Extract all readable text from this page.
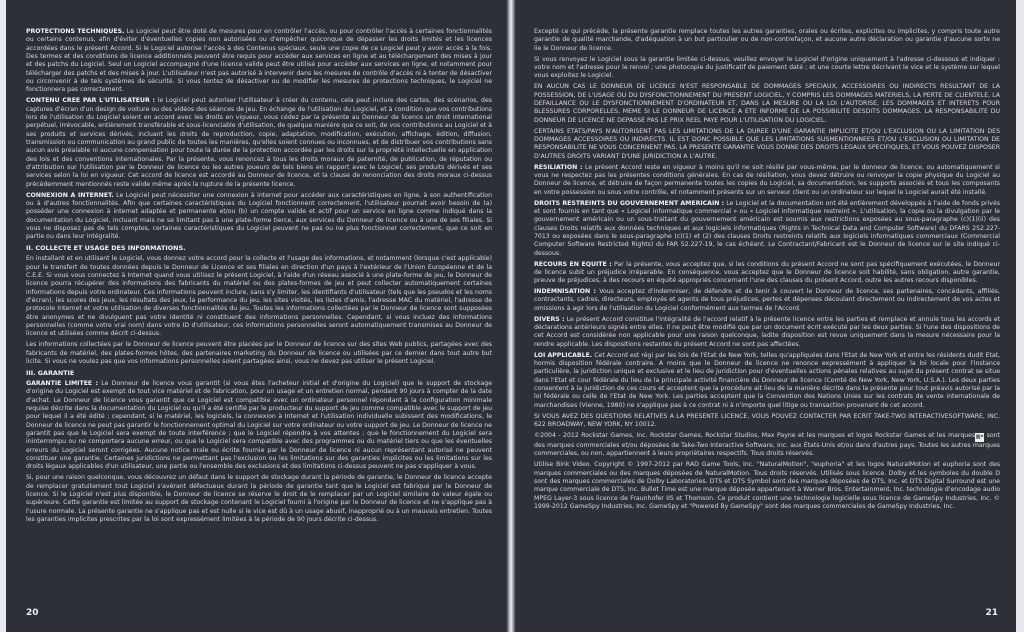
PROTECTIONS TECHNIQUES. Le Logiciel peut être doté de mesures pour en contrôler l'accès, ou pour contrôler l'accès à certaines fonctionnalités ou certains contenus, afin d'éviter d'éventuelles copies non autorisées ou d'empêcher quiconque de dépasser les droits limités et les licences accordées dans le présent Accord. Si le Logiciel autorise l'accès à des Contenus spéciaux, seule une copie de ce Logiciel peut y avoir accès à la fois. Des termes et des conditions de licence additionnels peuvent être requis pour accéder aux services en ligne et au téléchargement des mises à jour et des patchs du Logiciel. Seul un Logiciel accompagné d'une licence valide peut être utilisé pour accéder aux services en ligne, et notamment pour télécharger des patchs et des mises à jour. L'utilisateur n'est pas autorisé à intervenir dans les mesures de contrôle d'accès ni à tenter de désactiver ou circonvenir à de tels systèmes de sécurité. Si vous tentez de désactiver ou de modifier les mesures de protections techniques, le Logiciel ne fonctionnera pas correctement.

CONTENU CREE PAR L'UTILISATEUR : le Logiciel peut autoriser l'utilisateur à créer du contenu, cela peut inclure des cartes, des scénarios, des captures d'écran d'un design de voiture ou des vidéos des séances de jeu. En échange de l'utilisation du Logiciel, et à condition que vos contributions lors de l'utilisation du Logiciel soient en accord avec les droits en vigueur, vous cédez par la présente au Donneur de licence un droit international perpétuel, irrévocable, entièrement transférable et sous-licenciable d'utilisation, de quelque manière que ce soit, de vos contributions au Logiciel et à ses produits et services dérivés, incluant les droits de reproduction, copie, adaptation, modification, exécution, affichage, édition, diffusion, transmission ou communication au grand public de toutes les manières, qu'elles soient connues ou inconnues, et de distribuer vos contributions sans aucun avis préalable ni aucune compensation pour toute la durée de la protection accordée par les droits sur la propriété intellectuelle en application des lois et des conventions internationales. Par la présente, vous renoncez à tous les droits moraux de paternité, de publication, de réputation ou d'attribution sur l'utilisation par le Donneur de licence ou les autres joueurs de tels biens en rapport avec le Logiciel, ses produits dérivés et ses services selon la loi en vigueur. Cet accord de licence est accordé au Donneur de licence, et la clause de renonciation des droits moraux ci-dessus précédemment mentionnés reste valide même après la rupture de la présente licence.

CONNEXION A INTERNET. Le Logiciel peut nécessiter une connexion à internet pour accéder aux caractéristiques en ligne, à son authentification ou à d'autres fonctionnalités. Afin que certaines caractéristiques du Logiciel fonctionnent correctement, l'utilisateur pourrait avoir besoin de (a) posséder une connexion à internet adaptée et permanente et/ou (b) un compte valide et actif pour un service en ligne comme indiqué dans la documentation du Logiciel, incluant mais ne se limitant pas à une plate-forme tierce, aux services du Donneur de licence ou à une de ses filiales. Si vous ne disposez pas de tels comptes, certaines caractéristiques du Logiciel peuvent ne pas ou ne plus fonctionner correctement, que ce soit en partie ou dans leur intégralité.

II. COLLECTE ET USAGE DES INFORMATIONS.

En installant et en utilisant le Logiciel, vous donnez votre accord pour la collecte et l'usage des informations, et notamment (lorsque c'est applicable) pour le transfert de toutes données depuis le Donneur de Licence et ses filiales en direction d'un pays à l'extérieur de l'Union Européenne et de la C.E.E. Si vous vous connectez à Internet quand vous utilisez le présent Logiciel, à l'aide d'un réseau associé à une plate-forme de jeu, le Donneur de licence pourra récupérer des informations des fabricants du matériel ou des plates-formes de jeu et peut collecter automatiquement certaines informations depuis votre ordinateur. Ces informations peuvent inclure, sans s'y limiter, les identifiants d'utilisateur (tels que les pseudos et les noms d'écran), les scores des jeux, les résultats des jeux, la performance du jeu, les sites visités, les listes d'amis, l'adresse MAC du matériel, l'adresse de protocole Internet et votre utilisation de diverses fonctionnalités du jeu. Toutes les informations collectées par le Donneur de licence sont supposées être anonymes et ne divulguent pas votre identité ni constituent des informations personnelles. Cependant, si vous incluez des informations personnelles (comme votre vrai nom) dans votre ID d'utilisateur, ces informations personnelles seront automatiquement transmises au Donneur de licence et utilisées comme décrit ci-dessus.

Les informations collectées par le Donneur de licence peuvent être placées par le Donneur de licence sur des sites Web publics, partagées avec des fabricants de matériel, des plates-formes hôtes, des partenaires marketing du Donneur de licence ou utilisées par ce dernier dans tout autre but licite. Si vous ne voulez pas que vos informations personnelles soient partagées ainsi, vous ne devez pas utiliser le présent Logiciel.

III. GARANTIE

GARANTIE LIMITEE : Le Donneur de licence vous garantit (si vous êtes l'acheteur initial et d'origine du Logiciel) que le support de stockage d'origine du Logiciel est exempt de tout vice matériel et de fabrication, pour un usage et un entretien normal, pendant 90 jours à compter de la date d'achat. Le Donneur de licence vous garantit que ce Logiciel est compatible avec un ordinateur personnel répondant à la configuration minimale requise décrite dans la documentation du Logiciel ou qu'il a été certifié par le producteur du support de jeu comme compatible avec le support de jeu pour lequel il a été édité ; cependant, si le matériel, les logiciels, la connexion à Internet et l'utilisation individuelle subissent des modifications, le Donneur de licence ne peut pas garantir le fonctionnement optimal du Logiciel sur votre ordinateur ou votre support de jeu. Le Donneur de licence ne garantit pas que le Logiciel sera exempt de toute interférence ; que le Logiciel répondra à vos attentes ; que le fonctionnement du Logiciel sera ininterrompu ou ne comportera aucune erreur, ou que le Logiciel sera compatible avec des programmes ou du matériel tiers ou que les éventuelles erreurs du Logiciel seront corrigées. Aucune notice orale ou écrite fournie par le Donneur de licence ni aucun représentant autorisé ne peuvent constituer une garantie. Certaines juridictions ne permettant pas l'exclusion ou les limitations sur des garanties implicites ou les limitations sur les droits légaux applicables d'un utilisateur, une partie ou l'ensemble des exclusions et des limitations ci-dessus peuvent ne pas s'appliquer à vous.

Si, pour une raison quelconque, vous découvrez un défaut dans le support de stockage durant la période de garantie, le Donneur de licence accepte de remplacer gratuitement tout Logiciel s'avérant défectueux durant la période de garantie tant que le Logiciel est fabriqué par le Donneur de licence. Si le Logiciel n'est plus disponible, le Donneur de licence se réserve le droit de le remplacer par un Logiciel similaire de valeur égale ou supérieure. Cette garantie est limitée au support de stockage contenant le Logiciel fourni à l'origine par le Donneur de licence et ne s'applique pas à l'usure normale. La présente garantie ne s'applique pas et est nulle si le vice est dû à un usage abusif, inapproprié ou à un mauvais entretien. Toutes les garanties implicites prescrites par la loi sont expressément limitées à la période de 90 jours décrite ci-dessus.

20

Excepté ce qui précède, la présente garantie remplace toutes les autres garanties, orales ou écrites, explicites ou implicites, y compris toute autre garantie de qualité marchande, d'adéquation à un but particulier ou de non-contrefaçon, et aucune autre déclaration ou garantie d'aucune sorte ne lie le Donneur de licence.

Si vous renvoyez le Logiciel sous la garantie limitée ci-dessus, veuillez envoyer le Logiciel d'origine uniquement à l'adresse ci-dessous et indiquer : votre nom et l'adresse pour le renvoi ; une photocopie du justificatif de paiement daté ; et une courte lettre décrivant le vice et le système sur lequel vous exploitez le Logiciel.

EN AUCUN CAS LE DONNEUR DE LICENCE N'EST RESPONSABLE DE DOMMAGES SPECIAUX, ACCESSOIRES OU INDIRECTS RESULTANT DE LA POSSESSION, DE L'USAGE OU DU DYSFONCTIONNEMENT DU PRESENT LOGICIEL, Y COMPRIS LES DOMMAGES MATERIELS, LA PERTE DE CLIENTELE, LA DEFAILLANCE OU LE DYSFONCTIONNEMENT D'ORDINATEUR ET, DANS LA MESURE OU LA LOI L'AUTORISE, LES DOMMAGES ET INTERETS POUR BLESSURES CORPORELLES, MEME SI LE DONNEUR DE LICENCE A ETE INFORME DE LA POSSIBILITE DESDITS DOMMAGES. LA RESPONSABILITE DU DONNEUR DE LICENCE NE DEPASSE PAS LE PRIX REEL PAYE POUR L'UTILISATION DU LOGICIEL.

CERTAINS ETATS/PAYS N'AUTORISENT PAS LES LIMITATIONS DE LA DUREE D'UNE GARANTIE IMPLICITE ET/OU L'EXCLUSION OU LA LIMITATION DES DOMMAGES ACCESSOIRES OU INDIRECTS. IL EST DONC POSSIBLE QUE LES LIMITATIONS SUSMENTIONNEES ET/OU L'EXCLUSION OU LIMITATION DE RESPONSABILITE NE VOUS CONCERNENT PAS. LA PRESENTE GARANTIE VOUS DONNE DES DROITS LEGAUX SPECIFIQUES, ET VOUS POUVEZ DISPOSER D'AUTRES DROITS VARIANT D'UNE JURIDICTION A L'AUTRE.

RESILIATION : Le présent Accord reste en vigueur à moins qu'il ne soit résilié par vous-même, par le donneur de licence, ou automatiquement si vous ne respectez pas les présentes conditions générales. En cas de résiliation, vous devez détruire ou renvoyer la copie physique du Logiciel au Donneur de licence, et détruire de façon permanente toutes les copies du Logiciel, sa documentation, les supports associés et tous les composants en votre possession ou sous votre contrôle, et notamment présents sur un serveur client ou un ordinateur sur lequel le Logiciel aurait été installé.

DROITS RESTREINTS DU GOUVERNEMENT AMERICAIN : Le Logiciel et la documentation ont été entièrement développés à l'aide de fonds privés et sont fournis en tant que « Logiciel informatique commercial » ou « Logiciel informatique restreint ». L'utilisation, la copie ou la divulgation par le gouvernement américain ou un sous-traitant du gouvernement américain est soumis aux restrictions exposées au sous-paragraphe (c)(1)(ii) des clauses Droits relatifs aux données techniques et aux logiciels informatiques (Rights in Technical Data and Computer Software) du DFARS 252.227-7013 ou exposées dans le sous-paragraphe (c)(1) et (2) des clauses Droits restreints relatifs aux logiciels informatiques commerciaux (Commercial Computer Software Restricted Rights) du FAR 52.227-19, le cas échéant. Le Contractant/Fabricant est le Donneur de licence sur le site indiqué ci-dessous.

RECOURS EN EQUITE : Par la présente, vous acceptez que, si les conditions du présent Accord ne sont pas spécifiquement exécutées, le Donneur de licence subit un préjudice irréparable. En conséquence, vous acceptez que le Donneur de licence soit habilité, sans obligation, autre garantie, preuve de préjudices, à des recours en équité appropriés concernant l'une des clauses du présent Accord, outre les autres recours disponibles.

INDEMNISATION : Vous acceptez d'indemniser, de défendre et de tenir à couvert le Donneur de licence, ses partenaires, concédants, affiliés, contractants, cadres, directeurs, employés et agents de tous préjudices, pertes et dépenses découlant directement ou indirectement de vos actes et omissions à agir lors de l'utilisation du Logiciel conformément aux termes de l'Accord.

DIVERS : Le présent Accord constitue l'intégralité de l'accord relatif à la présente licence entre les parties et remplace et annule tous les accords et déclarations antérieurs signés entre elles. Il ne peut être modifié que par un document écrit exécuté par les deux parties. Si l'une des dispositions de cet Accord est considérée non applicable pour une raison quelconque, ladite disposition est revue uniquement dans la mesure nécessaire pour la rendre applicable. Les dispositions restantes du présent Accord ne sont pas affectées.

LOI APPLICABLE. Cet Accord est régi par les lois de l'Etat de New York, telles qu'appliquées dans l'Etat de New York et entre les résidents dudit Etat, hormis disposition fédérale contraire. A moins que le Donneur de licence ne renonce expressément à appliquer la loi locale pour l'instance particulière, la juridiction unique et exclusive et le lieu de juridiction pour d'éventuelles actions pénales relatives au sujet du présent contrat se situe dans l'Etat et cour fédérale du lieu de la principale activité financière du Donneur de licence (Comté de New York, New York, U.S.A.). Les deux parties consentent à la juridiction de ces cours et acceptent que la procédure ait lieu de la manière décrite dans la présente pour tout préavis autorisé par la loi fédérale ou celle de l'Etat de New York. Les parties acceptent que la Convention des Nations Unies sur les contrats de vente internationale de marchandises (Vienne, 1980) ne s'applique pas à ce contrat ni à n'importe quel litige ou transaction provenant de cet accord.

SI VOUS AVEZ DES QUESTIONS RELATIVES A LA PRESENTE LICENCE, VOUS POUVEZ CONTACTER PAR ECRIT TAKE-TWO INTERACTIVESOFTWARE, INC. 622 BROADWAY, NEW YORK, NY 10012.

©2004 - 2012 Rockstar Games, Inc. Rockstar Games, Rockstar Studios, Max Payne et les marques et logos Rockstar Games et les marquesR* sont des marques commerciales et/ou déposées de Take-Two Interactive Software, Inc. aux États-Unis et/ou dans d'autres pays. Toutes les autres marques commerciales, ou non, appartiennent à leurs propriétaires respectifs. Tous droits réservés.

Utilise Bink Video. Copyright © 1997-2012 par RAD Game Tools, Inc. "NaturalMotion", "euphoria" et les logos NaturalMotion et euphoria sont des marques commerciales ou des marques déposées de NaturalMotion. Tous droits réservés. Utilisés sous licence. Dolby et les symboles du double D sont des marques commerciales de Dolby Laboratories. DTS et DTS Symbol sont des marques déposées de DTS, Inc. et DTS Digital Surround est une marque commerciale de DTS, Inc. Bullet Time est une marque déposée appartenant à Warner Bros. Entertainment, Inc. technologie d'encodage audio MPEG Layer-3 sous licence de Fraunhofer IIS et Thomson. Ce produit contient une technologie logicielle sous licence de GameSpy Industries, Inc. © 1999-2012 GameSpy Industries, Inc. GameSpy et "Powered By GameSpy" sont des marques commerciales de GameSpy Industries, Inc.

21
